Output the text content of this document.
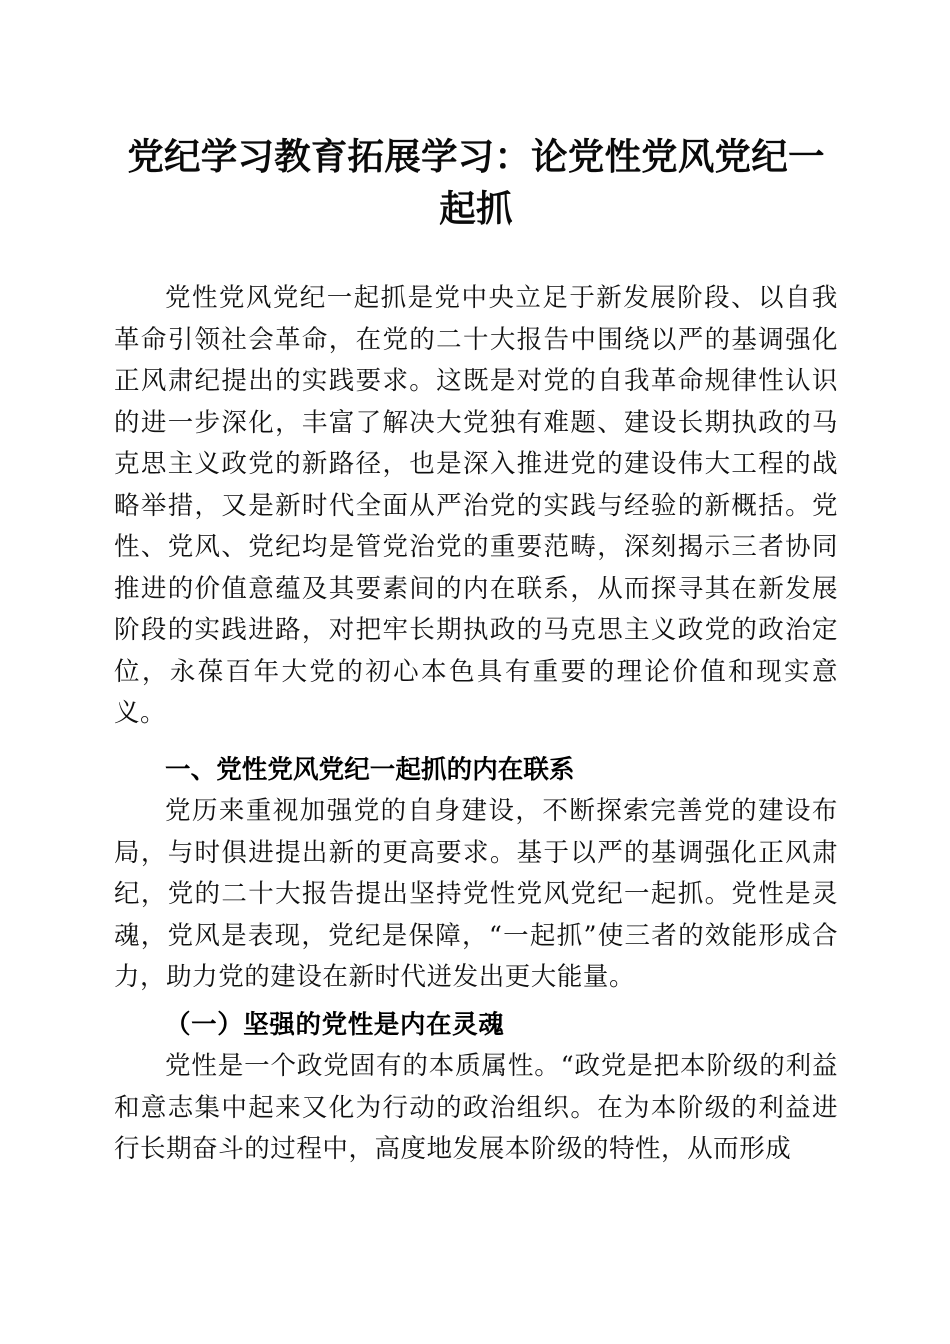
党纪学习教育拓展学习：论党性党风党纪一起抓

党性党风党纪一起抓是党中央立足于新发展阶段、以自我革命引领社会革命，在党的二十大报告中围绕以严的基调强化正风肃纪提出的实践要求。这既是对党的自我革命规律性认识的进一步深化，丰富了解决大党独有难题、建设长期执政的马克思主义政党的新路径，也是深入推进党的建设伟大工程的战略举措，又是新时代全面从严治党的实践与经验的新概括。党性、党风、党纪均是管党治党的重要范畴，深刻揭示三者协同推进的价值意蕴及其要素间的内在联系，从而探寻其在新发展阶段的实践进路，对把牢长期执政的马克思主义政党的政治定位，永葆百年大党的初心本色具有重要的理论价值和现实意义。

一、党性党风党纪一起抓的内在联系

党历来重视加强党的自身建设，不断探索完善党的建设布局，与时俱进提出新的更高要求。基于以严的基调强化正风肃纪，党的二十大报告提出坚持党性党风党纪一起抓。党性是灵魂，党风是表现，党纪是保障，“一起抓”使三者的效能形成合力，助力党的建设在新时代迸发出更大能量。

（一）坚强的党性是内在灵魂

党性是一个政党固有的本质属性。“政党是把本阶级的利益和意志集中起来又化为行动的政治组织。在为本阶级的利益进行长期奋斗的过程中，高度地发展本阶级的特性，从而形成
